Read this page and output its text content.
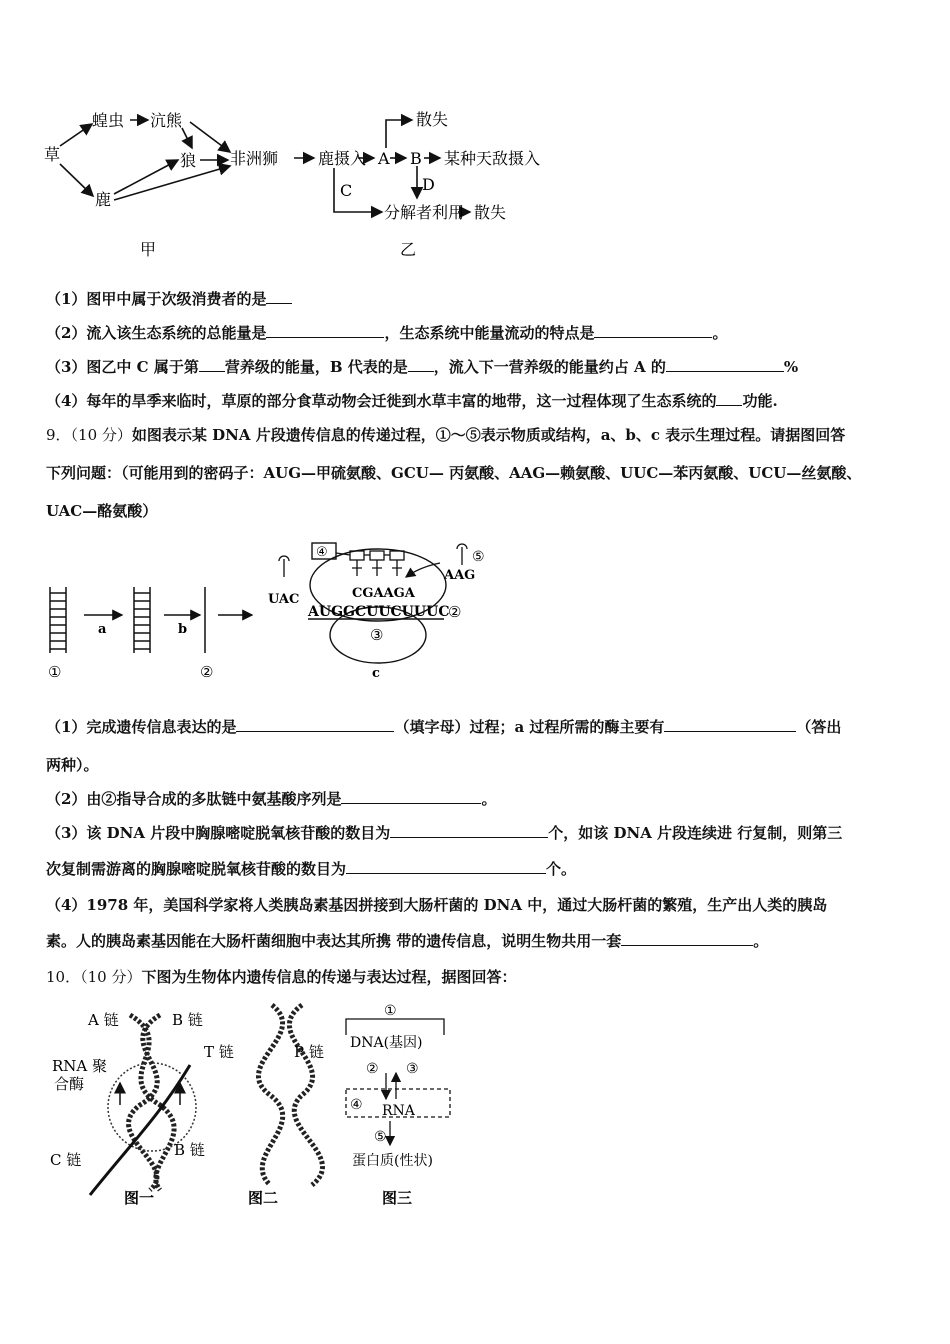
草
蝗虫 沆熊
狼 非洲狮
鹿
甲
鹿摄入 A B 某种天敌摄入
散失
C	D
分解者利用 散失
乙
（1）图甲中属于次级消费者的是
（2）流入该生态系统的总能量是	，生态系统中能量流动的特点是	。
（3）图乙中 C 属于第 营养级的能量，B 代表的是 ，流入下一营养级的能量约占 A 的	%
（4）每年的旱季来临时，草原的部分食草动物会迁徙到水草丰富的地带，这一过程体现了生态系统的 功能.
9．（10 分）如图表示某 DNA 片段遗传信息的传递过程，①～⑤表示物质或结构，a、b、c 表示生理过程。请据图回答
下列问题：（可能用到的密码子：AUG—甲硫氨酸、GCU— 丙氨酸、AAG—赖氨酸、UUC—苯丙氨酸、UCU—丝氨酸、
UAC—酪氨酸）
a	b
①	②
④	⑤
UAC
AAG
CGAAGA
AUGGCUUCUUUC
②
③
c
（1）完成遗传信息表达的是	（填字母）过程；a 过程所需的酶主要有	（答出
两种）。
（2）由②指导合成的多肽链中氨基酸序列是	。
（3）该 DNA 片段中胸腺嘧啶脱氧核苷酸的数目为	个，如该 DNA 片段连续进 行复制，则第三
次复制需游离的胸腺嘧啶脱氧核苷酸的数目为	个。
（4）1978 年，美国科学家将人类胰岛素基因拼接到大肠杆菌的 DNA 中，通过大肠杆菌的繁殖，生产出人类的胰岛
素。人的胰岛素基因能在大肠杆菌细胞中表达其所携 带的遗传信息，说明生物共用一套	。
10．（10 分）下图为生物体内遗传信息的传递与表达过程，据图回答：
A 链	B 链
RNA 聚
合酶
C 链
B 链
图一
T 链	P 链
图二
①
DNA(基因)
② ③
④ RNA
⑤
蛋白质(性状)
图三
